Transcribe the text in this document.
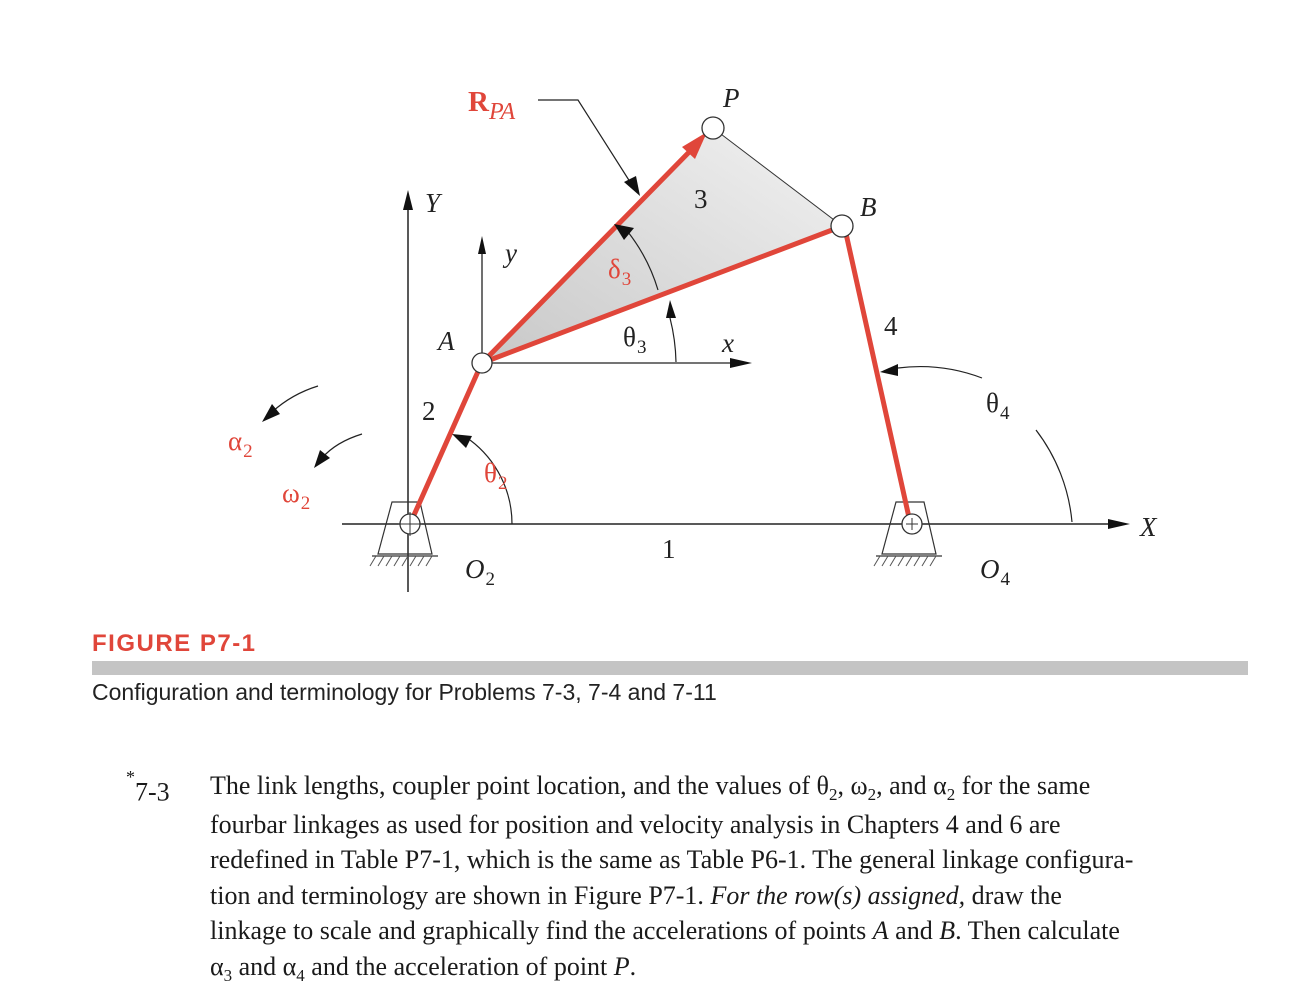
$R_{PA}$	P
Y
y
3	B
$\delta_3$
4
A	$\theta_3$	x
$\theta_4$
2
$\alpha_2$
$\theta_2$
$\omega_2$
X
1
$O_2$	$O_4$
FIGURE P7-1
Configuration and terminology for Problems 7-3, 7-4 and 7-11
*7-3 The link lengths, coupler point location, and the values of $\theta_2$, $\omega_2$, and $\alpha_2$ for the same
fourbar linkages as used for position and velocity analysis in Chapters 4 and 6 are
redefined in Table P7-1, which is the same as Table P6-1. The general linkage configura-
tion and terminology are shown in Figure P7-1. For the row(s) assigned, draw the
linkage to scale and graphically find the accelerations of points A and B. Then calculate
$\alpha_3$ and $\alpha_4$ and the acceleration of point P.
